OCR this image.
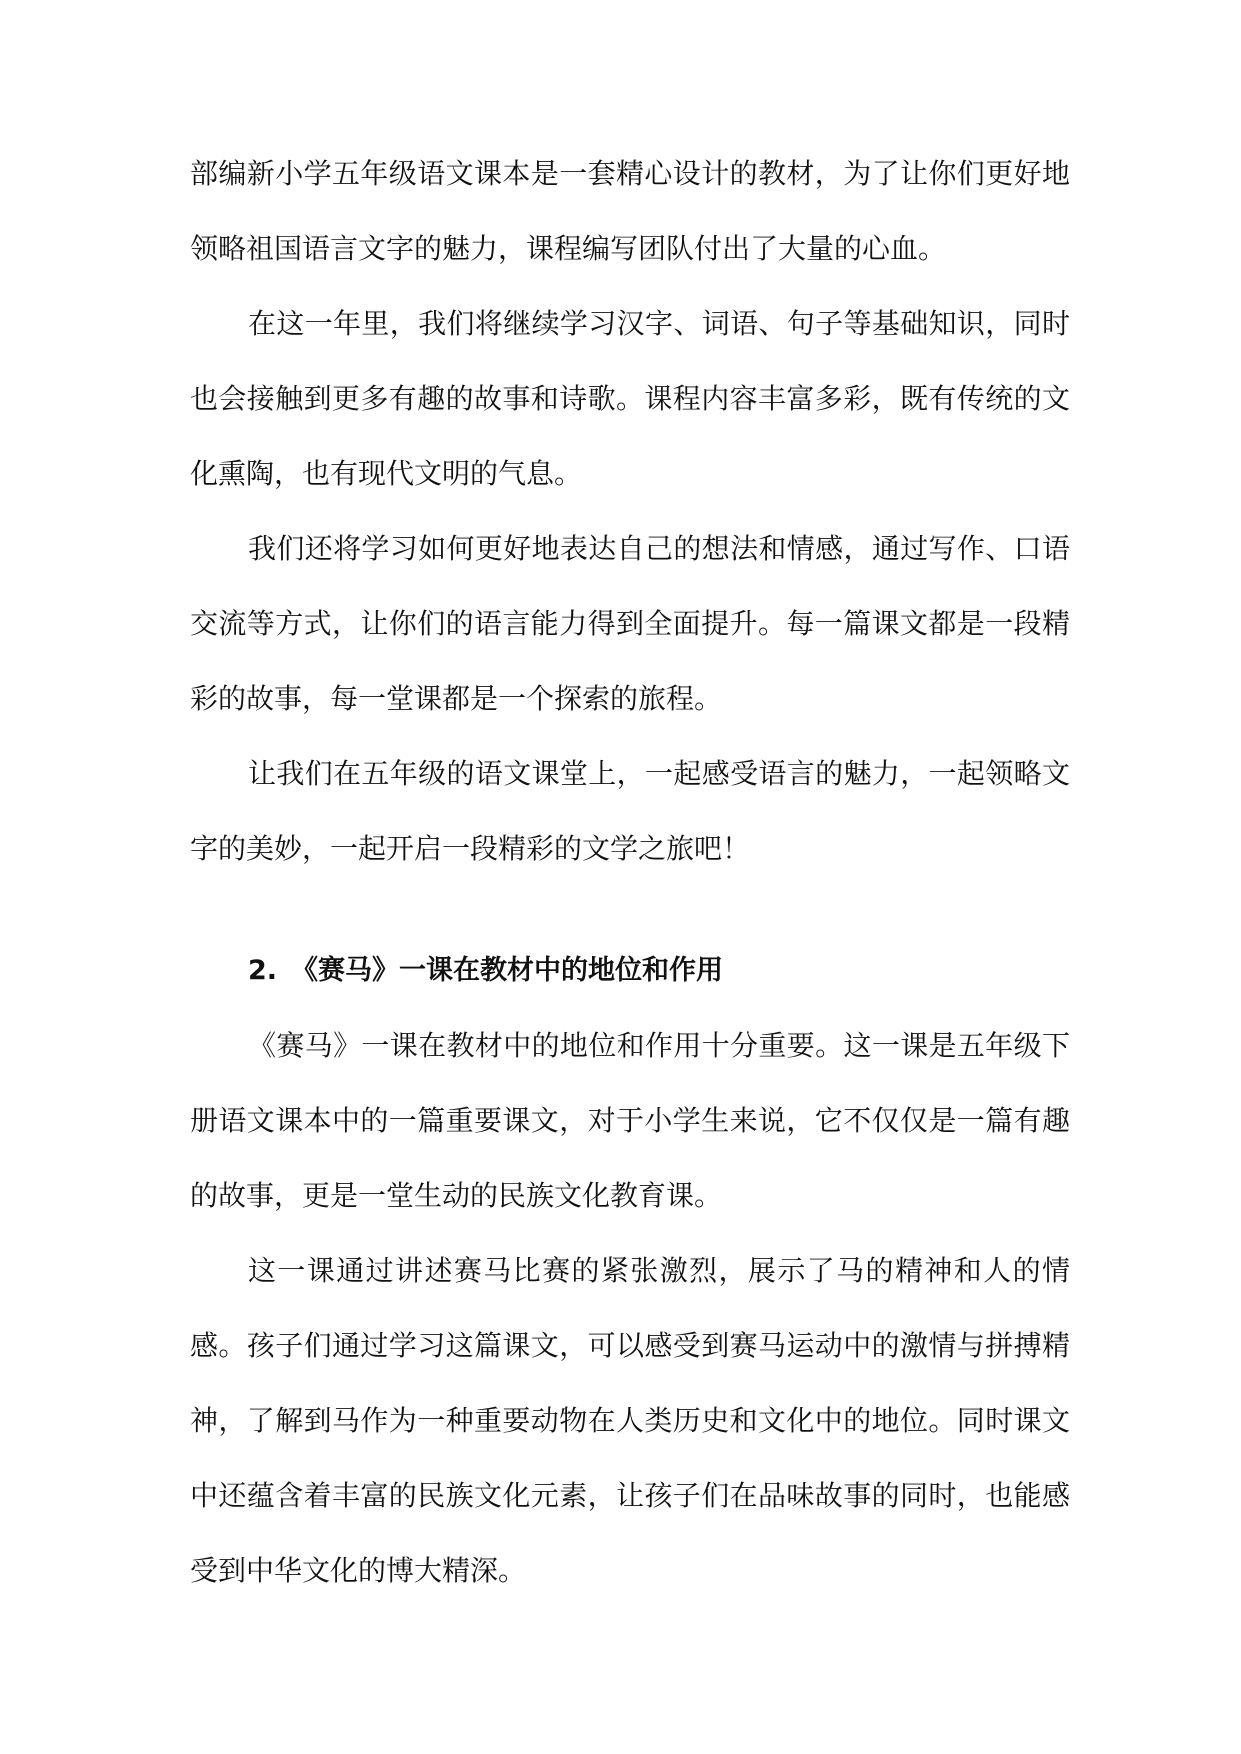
部编新小学五年级语文课本是一套精心设计的教材，为了让你们更好地领略祖国语言文字的魅力，课程编写团队付出了大量的心血。

在这一年里，我们将继续学习汉字、词语、句子等基础知识，同时也会接触到更多有趣的故事和诗歌。课程内容丰富多彩，既有传统的文化熏陶，也有现代文明的气息。

我们还将学习如何更好地表达自己的想法和情感，通过写作、口语交流等方式，让你们的语言能力得到全面提升。每一篇课文都是一段精彩的故事，每一堂课都是一个探索的旅程。

让我们在五年级的语文课堂上，一起感受语言的魅力，一起领略文字的美妙，一起开启一段精彩的文学之旅吧！

2. 《赛马》一课在教材中的地位和作用

《赛马》一课在教材中的地位和作用十分重要。这一课是五年级下册语文课本中的一篇重要课文，对于小学生来说，它不仅仅是一篇有趣的故事，更是一堂生动的民族文化教育课。

这一课通过讲述赛马比赛的紧张激烈，展示了马的精神和人的情感。孩子们通过学习这篇课文，可以感受到赛马运动中的激情与拼搏精神，了解到马作为一种重要动物在人类历史和文化中的地位。同时课文中还蕴含着丰富的民族文化元素，让孩子们在品味故事的同时，也能感受到中华文化的博大精深。
